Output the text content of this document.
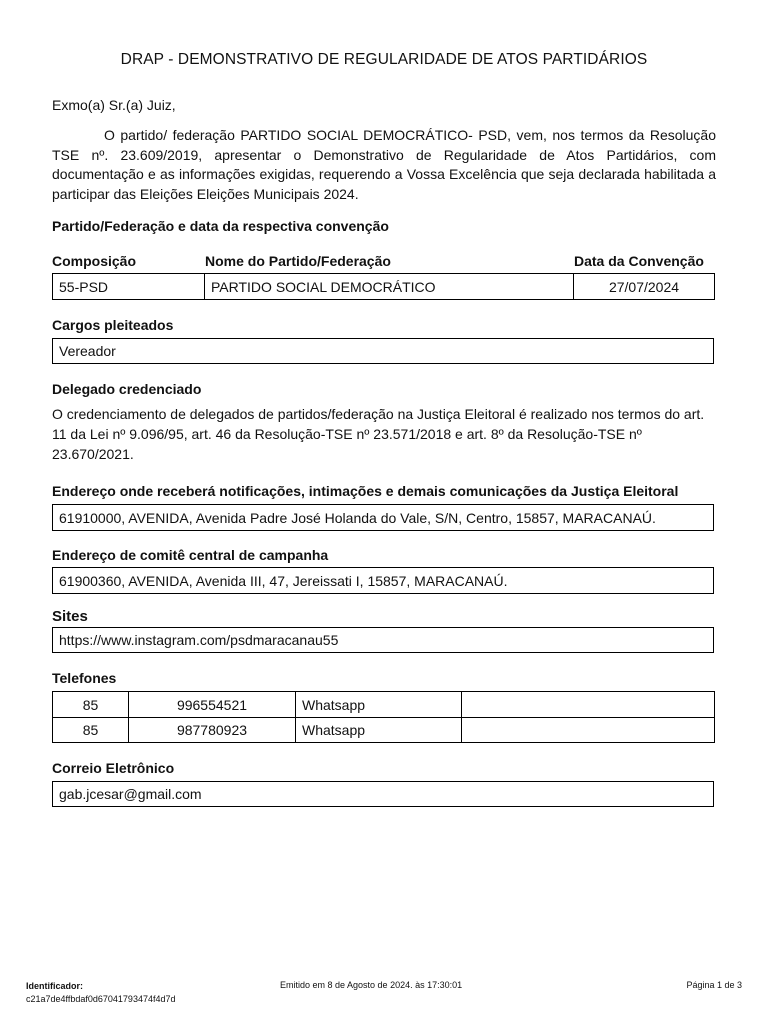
DRAP - DEMONSTRATIVO DE REGULARIDADE DE ATOS PARTIDÁRIOS
Exmo(a) Sr.(a) Juiz,

O partido/ federação PARTIDO SOCIAL DEMOCRÁTICO- PSD, vem, nos termos da Resolução TSE nº. 23.609/2019, apresentar o Demonstrativo de Regularidade de Atos Partidários, com documentação e as informações exigidas, requerendo a Vossa Excelência que seja declarada habilitada a participar das Eleições Eleições Municipais 2024.

Partido/Federação e data da respectiva convenção
Composição	Nome do Partido/Federação	Data da Convenção
55-PSD	PARTIDO SOCIAL DEMOCRÁTICO	27/07/2024
Cargos pleiteados
Vereador
Delegado credenciado

O credenciamento de delegados de partidos/federação na Justiça Eleitoral é realizado nos termos do art. 11 da Lei nº 9.096/95, art. 46 da Resolução-TSE nº 23.571/2018 e art. 8º da Resolução-TSE nº 23.670/2021.

Endereço onde receberá notificações, intimações e demais comunicações da Justiça Eleitoral
61910000, AVENIDA, Avenida Padre José Holanda do Vale, S/N, Centro, 15857, MARACANAÚ.
Endereço de comitê central de campanha
61900360, AVENIDA, Avenida III, 47, Jereissati I, 15857, MARACANAÚ.
Sites
https://www.instagram.com/psdmaracanau55
Telefones
85	996554521	Whatsapp	
85	987780923	Whatsapp	
Correio Eletrônico
gab.jcesar@gmail.com
Identificador:
c21a7de4ffbdaf0d67041793474f4d7d
Emitido em 8 de Agosto de 2024. às 17:30:01	Página 1 de 3
